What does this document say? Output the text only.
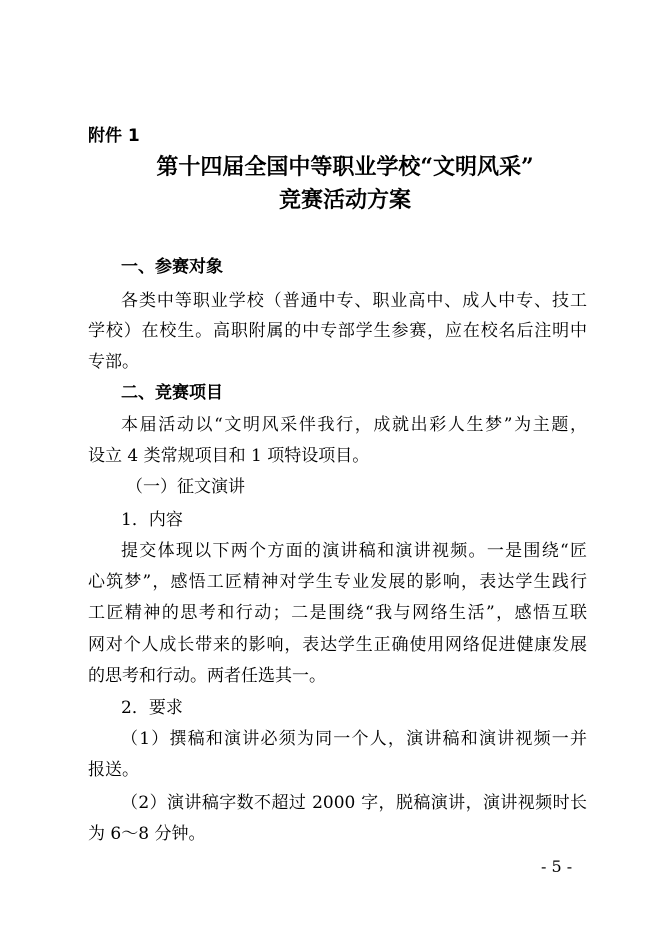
附件 1
第十四届全国中等职业学校“文明风采”
竞赛活动方案
一、参赛对象
各类中等职业学校（普通中专、职业高中、成人中专、技工
学校）在校生。高职附属的中专部学生参赛，应在校名后注明中
专部。
二、竞赛项目
本届活动以“文明风采伴我行，成就出彩人生梦”为主题，
设立 4 类常规项目和 1 项特设项目。
（一）征文演讲
1．内容
提交体现以下两个方面的演讲稿和演讲视频。一是围绕“匠
心筑梦”，感悟工匠精神对学生专业发展的影响，表达学生践行
工匠精神的思考和行动；二是围绕“我与网络生活”，感悟互联
网对个人成长带来的影响，表达学生正确使用网络促进健康发展
的思考和行动。两者任选其一。
2．要求
（1）撰稿和演讲必须为同一个人，演讲稿和演讲视频一并
报送。
（2）演讲稿字数不超过 2000 字，脱稿演讲，演讲视频时长
为 6～8 分钟。
- 5 -
